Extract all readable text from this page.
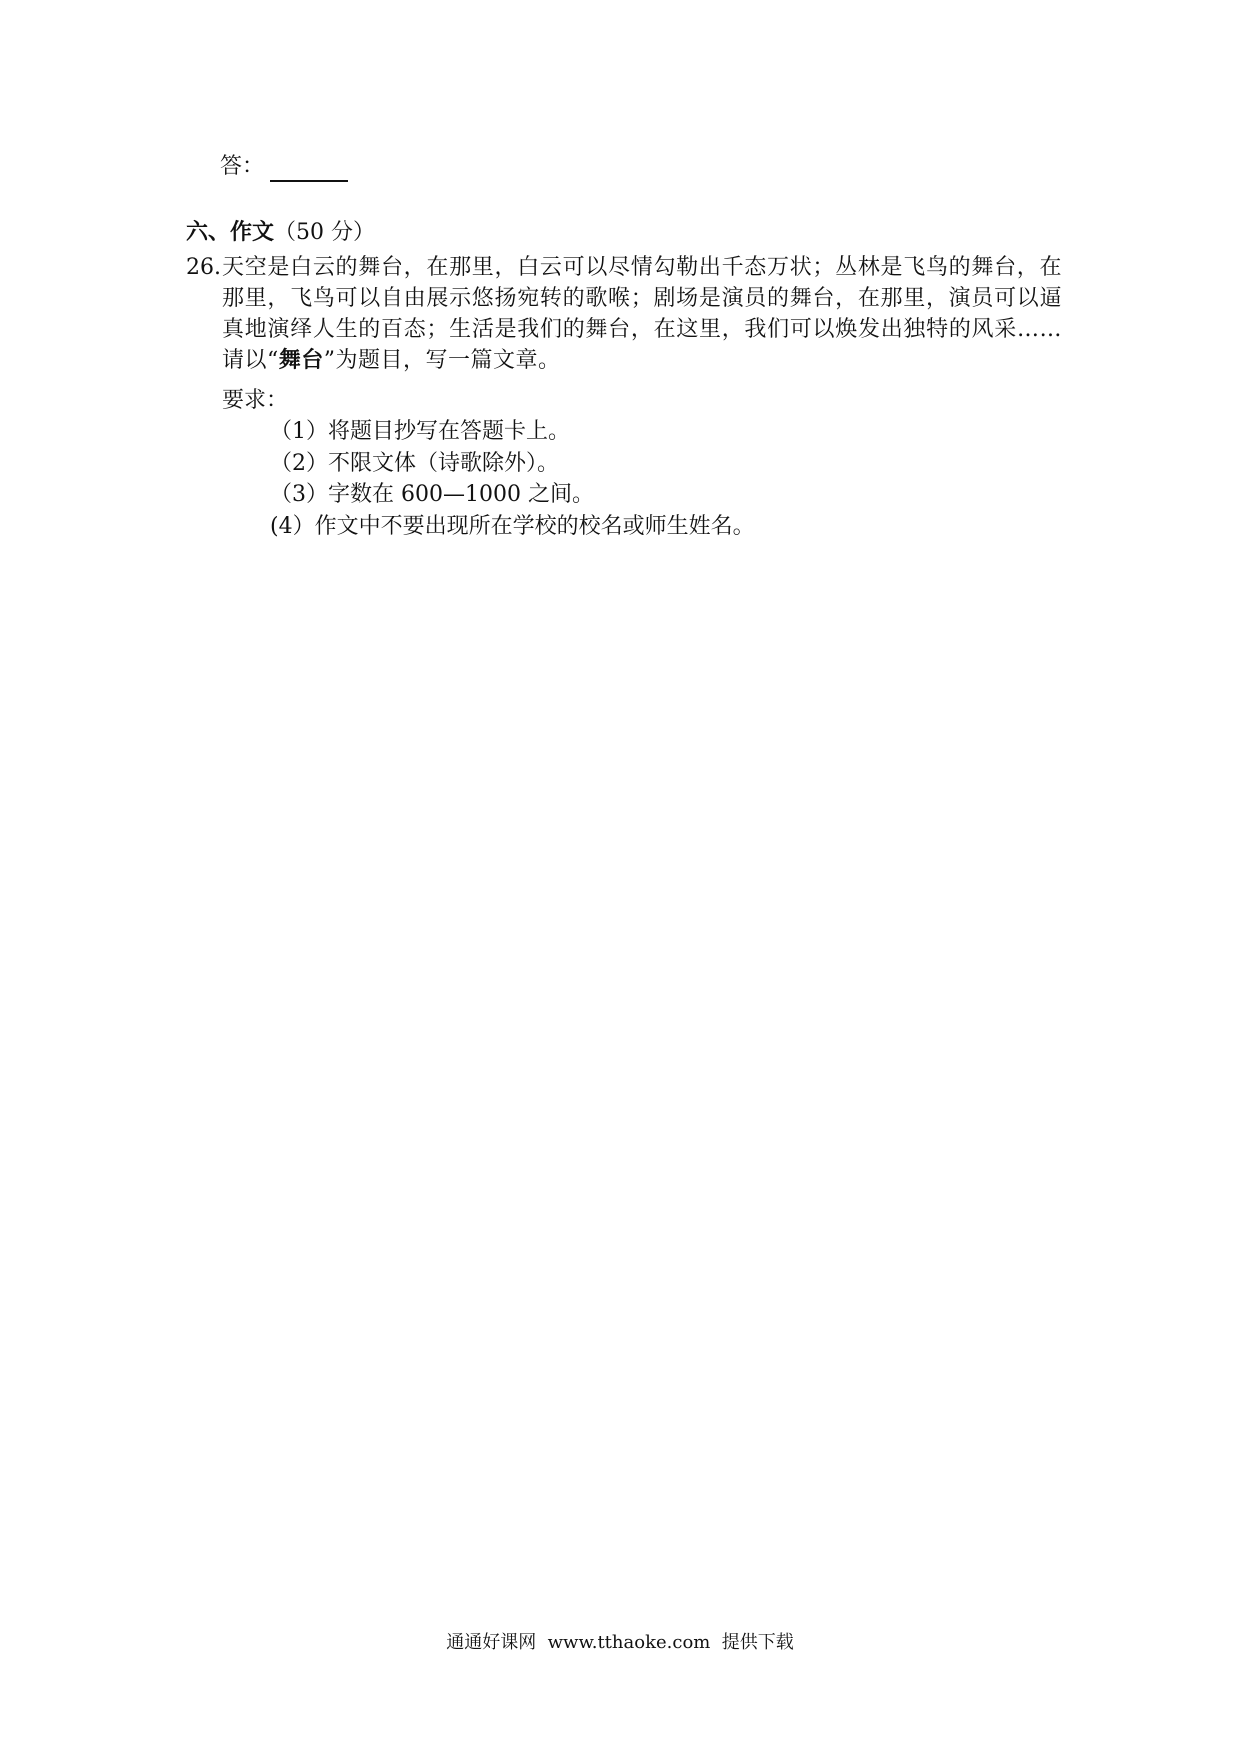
答：
六、作文（50 分）
26. 天空是白云的舞台，在那里，白云可以尽情勾勒出千态万状；丛林是飞鸟的舞台，在那里，飞鸟可以自由展示悠扬宛转的歌喉；剧场是演员的舞台，在那里，演员可以逼真地演绎人生的百态；生活是我们的舞台，在这里，我们可以焕发出独特的风采……请以“舞台”为题目，写一篇文章。
要求：
（1）将题目抄写在答题卡上。
（2）不限文体（诗歌除外）。
（3）字数在 600—1000 之间。
(4）作文中不要出现所在学校的校名或师生姓名。
通通好课网  www.tthaoke.com  提供下载
